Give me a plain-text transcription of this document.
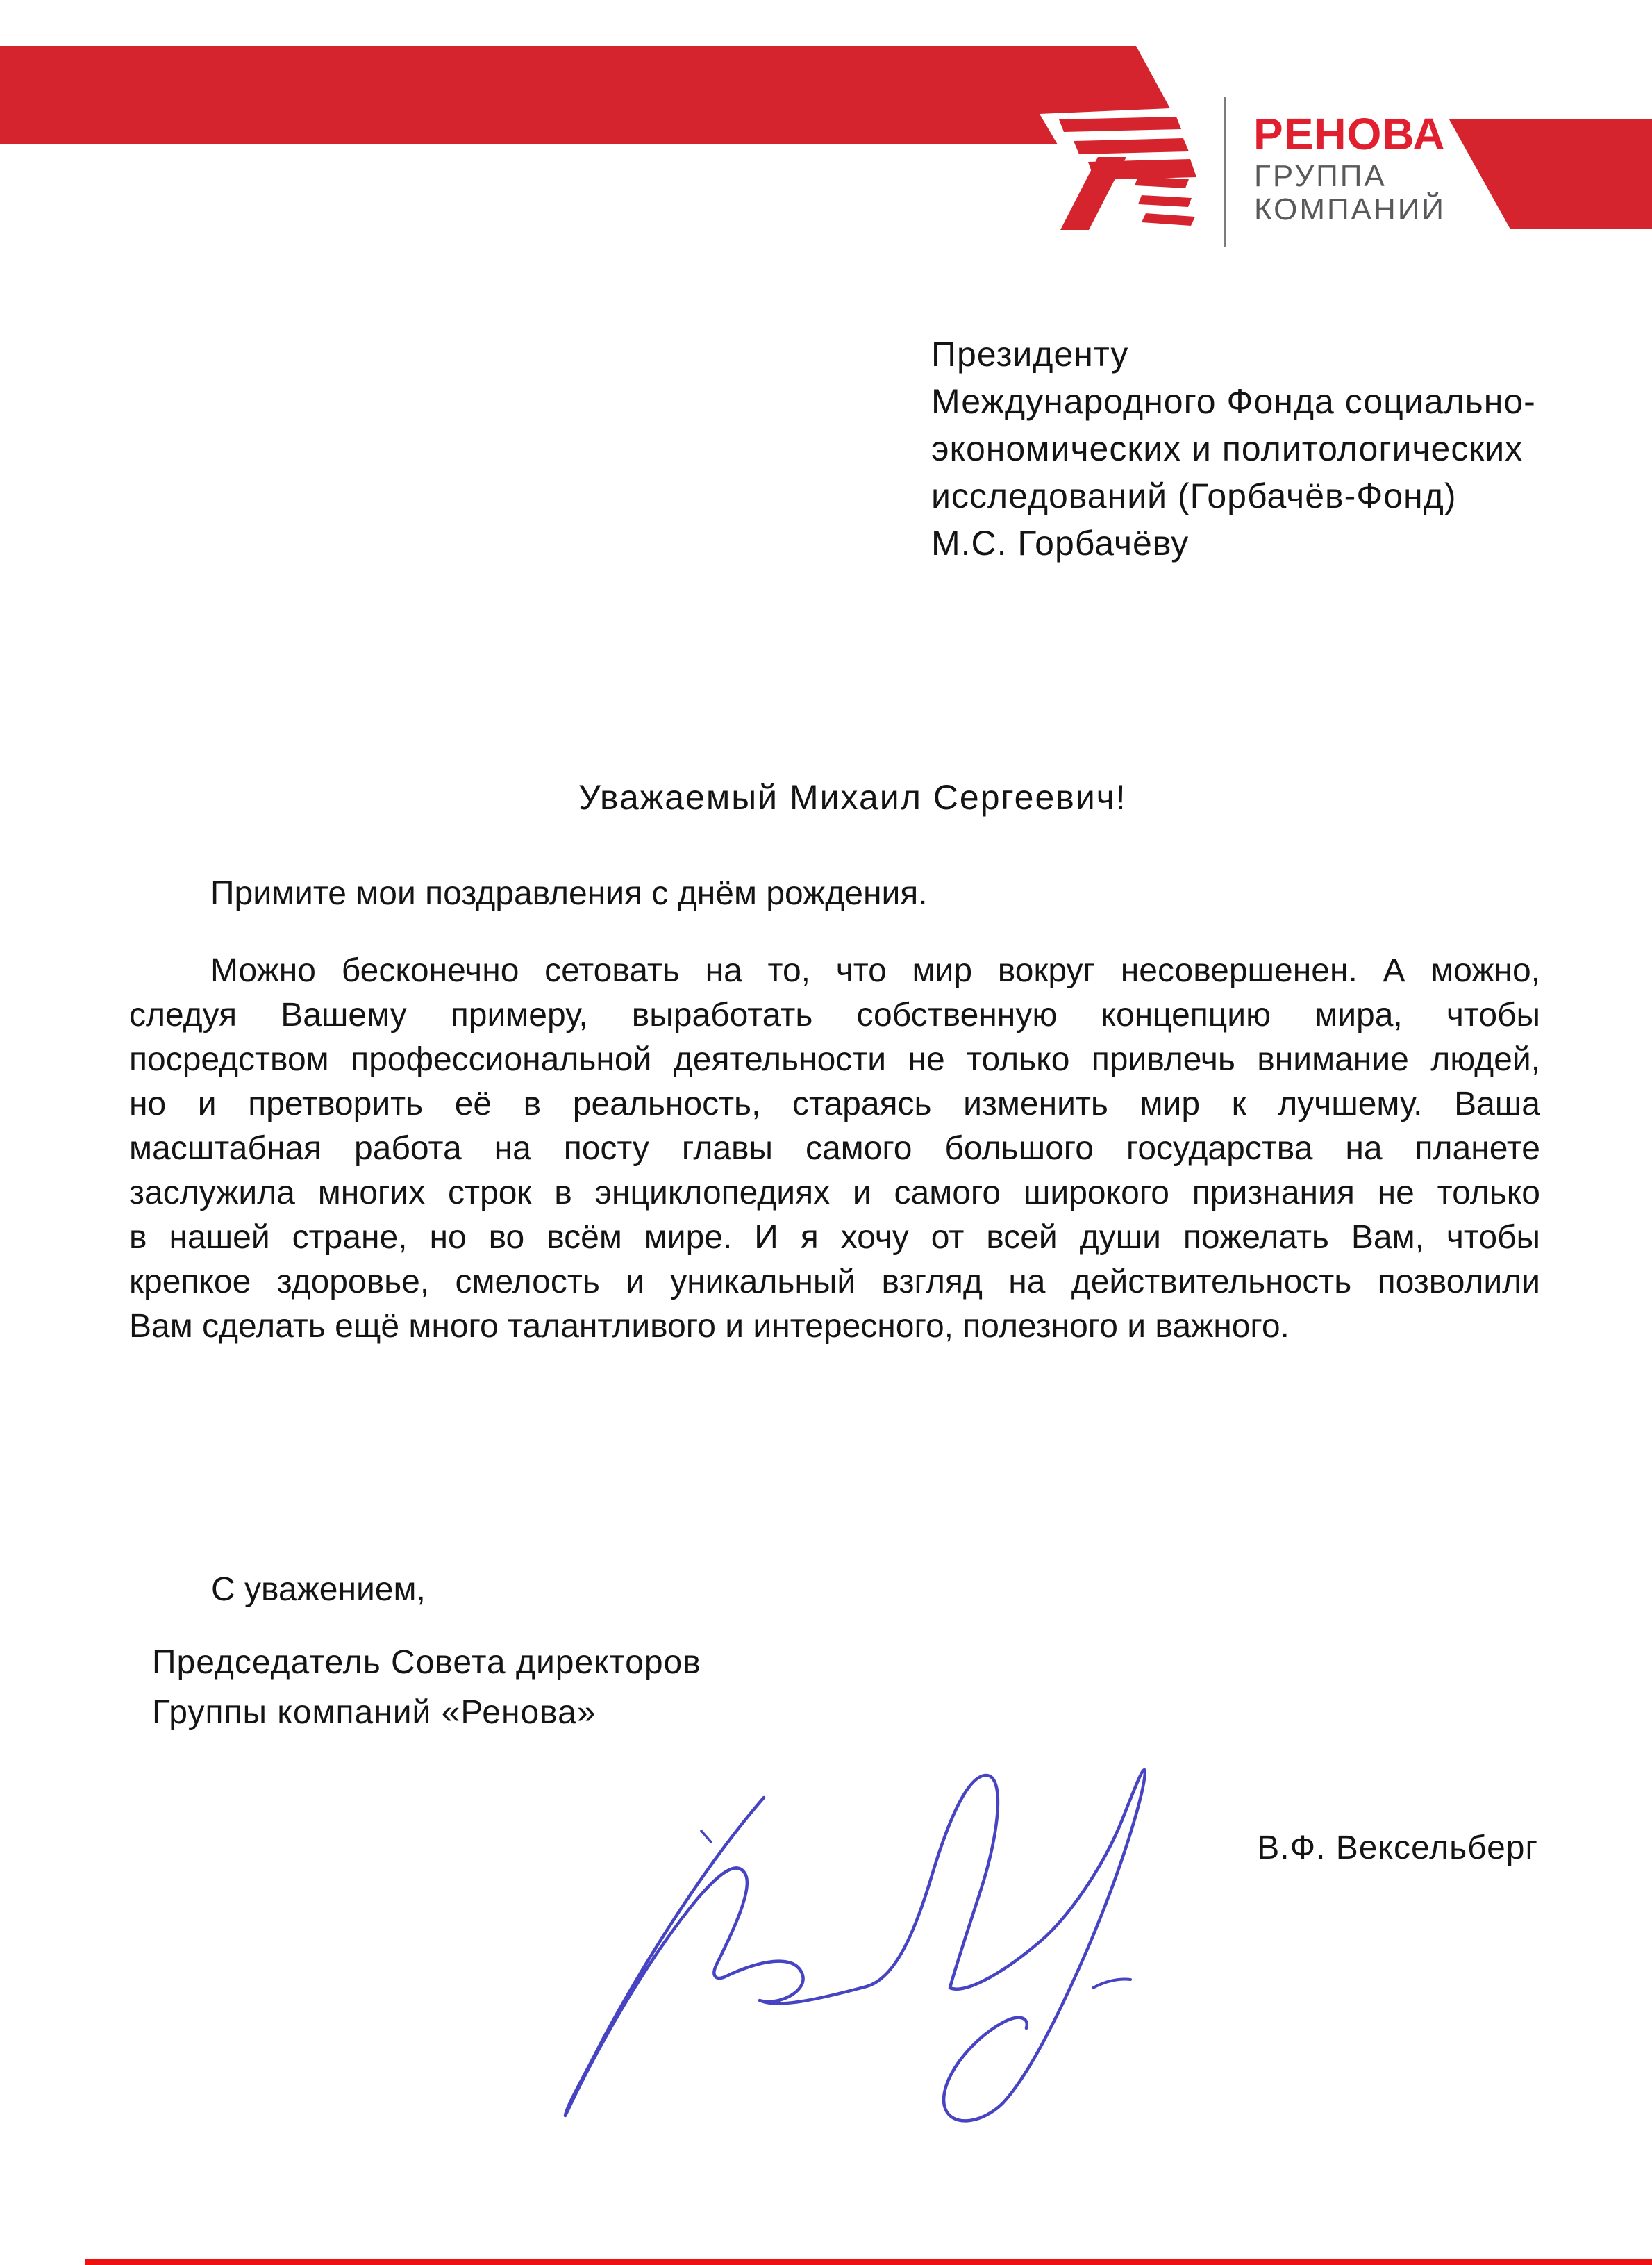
РЕНОВА
ГРУППА
КОМПАНИЙ
Президенту
Международного Фонда социально-
экономических и политологических
исследований (Горбачёв-Фонд)
М.С. Горбачёву
Уважаемый Михаил Сергеевич!
Примите мои поздравления с днём рождения.
Можно бесконечно сетовать на то, что мир вокруг несовершенен. А можно,
следуя Вашему примеру, выработать собственную концепцию мира, чтобы
посредством профессиональной деятельности не только привлечь внимание людей,
но и претворить её в реальность, стараясь изменить мир к лучшему. Ваша
масштабная работа на посту главы самого большого государства на планете
заслужила многих строк в энциклопедиях и самого широкого признания не только
в нашей стране, но во всём мире. И я хочу от всей души пожелать Вам, чтобы
крепкое здоровье, смелость и уникальный взгляд на действительность позволили
Вам сделать ещё много талантливого и интересного, полезного и важного.
С уважением,
Председатель Совета директоров
Группы компаний «Ренова»
В.Ф. Вексельберг
